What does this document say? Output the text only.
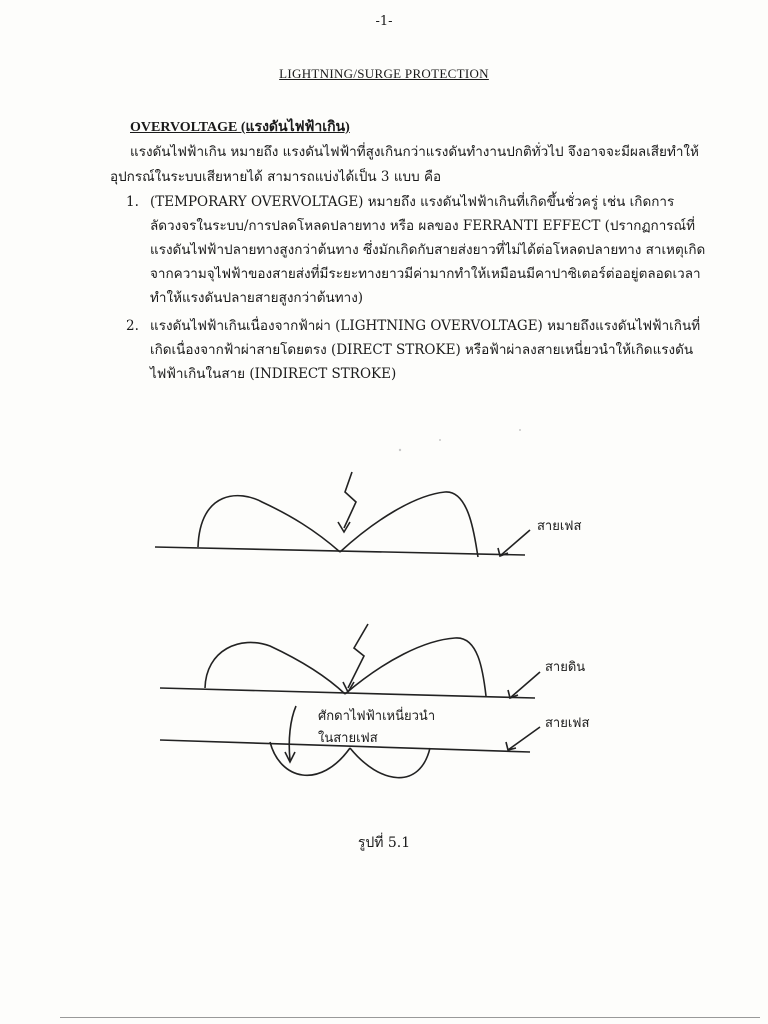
-1-
LIGHTNING/SURGE PROTECTION
OVERVOLTAGE (แรงดันไฟฟ้าเกิน)
แรงดันไฟฟ้าเกิน หมายถึง แรงดันไฟฟ้าที่สูงเกินกว่าแรงดันทำงานปกติทั่วไป จึงอาจจะมีผลเสียทำให้
อุปกรณ์ในระบบเสียหายได้ สามารถแบ่งได้เป็น 3 แบบ คือ
1. (TEMPORARY OVERVOLTAGE) หมายถึง แรงดันไฟฟ้าเกินที่เกิดขึ้นชั่วครู่ เช่น เกิดการลัดวงจรในระบบ/การปลดโหลดปลายทาง หรือ ผลของ FERRANTI EFFECT (ปรากฏการณ์ที่แรงดันไฟฟ้าปลายทางสูงกว่าต้นทาง ซึ่งมักเกิดกับสายส่งยาวที่ไม่ได้ต่อโหลดปลายทาง สาเหตุเกิดจากความจุไฟฟ้าของสายส่งที่มีระยะทางยาวมีค่ามากทำให้เหมือนมีคาปาซิเตอร์ต่ออยู่ตลอดเวลา ทำให้แรงดันปลายสายสูงกว่าต้นทาง)
2. แรงดันไฟฟ้าเกินเนื่องจากฟ้าผ่า (LIGHTNING OVERVOLTAGE) หมายถึงแรงดันไฟฟ้าเกินที่เกิดเนื่องจากฟ้าผ่าสายโดยตรง (DIRECT STROKE) หรือฟ้าผ่าลงสายเหนี่ยวนำให้เกิดแรงดันไฟฟ้าเกินในสาย (INDIRECT STROKE)
สายเฟส
สายดิน
สายเฟส
ศักดาไฟฟ้าเหนี่ยวนำ
ในสายเฟส
รูปที่ 5.1
